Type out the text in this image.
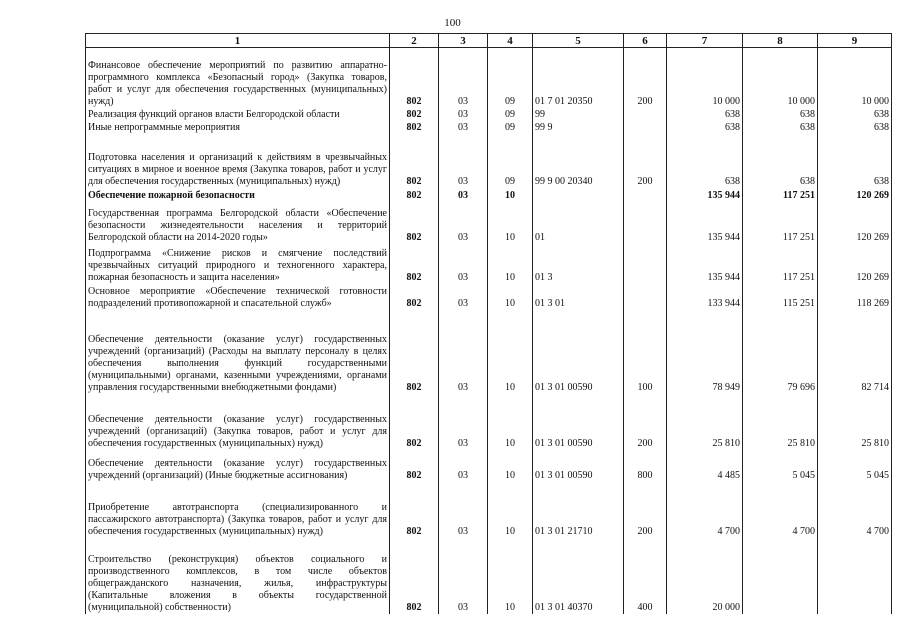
100
1	2	3	4	5	6	7	8	9
Финансовое обеспечение мероприятий по развитию аппаратно-программного комплекса «Безопасный город» (Закупка товаров, работ и услуг для обеспечения государственных (муниципальных) нужд)	802	03	09	01 7 01 20350	200	10 000	10 000	10 000
Реализация функций органов власти Белгородской области	802	03	09	99		638	638	638
Иные непрограммные мероприятия	802	03	09	99 9		638	638	638
Подготовка населения и организаций к действиям в чрезвычайных ситуациях в мирное и военное время (Закупка товаров, работ и услуг для обеспечения государственных (муниципальных) нужд)	802	03	09	99 9 00 20340	200	638	638	638
Обеспечение пожарной безопасности	802	03	10			135 944	117 251	120 269
Государственная программа Белгородской области «Обеспечение безопасности жизнедеятельности населения и территорий Белгородской области на 2014-2020 годы»	802	03	10	01		135 944	117 251	120 269
Подпрограмма «Снижение рисков и смягчение последствий чрезвычайных ситуаций природного и техногенного характера, пожарная безопасность и защита населения»	802	03	10	01 3		135 944	117 251	120 269
Основное мероприятие «Обеспечение технической готовности подразделений противопожарной и спасательной служб»	802	03	10	01 3 01		133 944	115 251	118 269
Обеспечение деятельности (оказание услуг) государственных учреждений (организаций) (Расходы на выплату персоналу в целях обеспечения выполнения функций государственными (муниципальными) органами, казенными учреждениями, органами управления государственными внебюджетными фондами)	802	03	10	01 3 01 00590	100	78 949	79 696	82 714
Обеспечение деятельности (оказание услуг) государственных учреждений (организаций) (Закупка товаров, работ и услуг для обеспечения государственных (муниципальных) нужд)	802	03	10	01 3 01 00590	200	25 810	25 810	25 810
Обеспечение деятельности (оказание услуг) государственных учреждений (организаций) (Иные бюджетные ассигнования)	802	03	10	01 3 01 00590	800	4 485	5 045	5 045
Приобретение автотранспорта (специализированного и пассажирского автотранспорта) (Закупка товаров, работ и услуг для обеспечения государственных (муниципальных) нужд)	802	03	10	01 3 01 21710	200	4 700	4 700	4 700
Строительство (реконструкция) объектов социального и производственного комплексов, в том числе объектов общегражданского назначения, жилья, инфраструктуры (Капитальные вложения в объекты государственной (муниципальной) собственности)	802	03	10	01 3 01 40370	400	20 000		
